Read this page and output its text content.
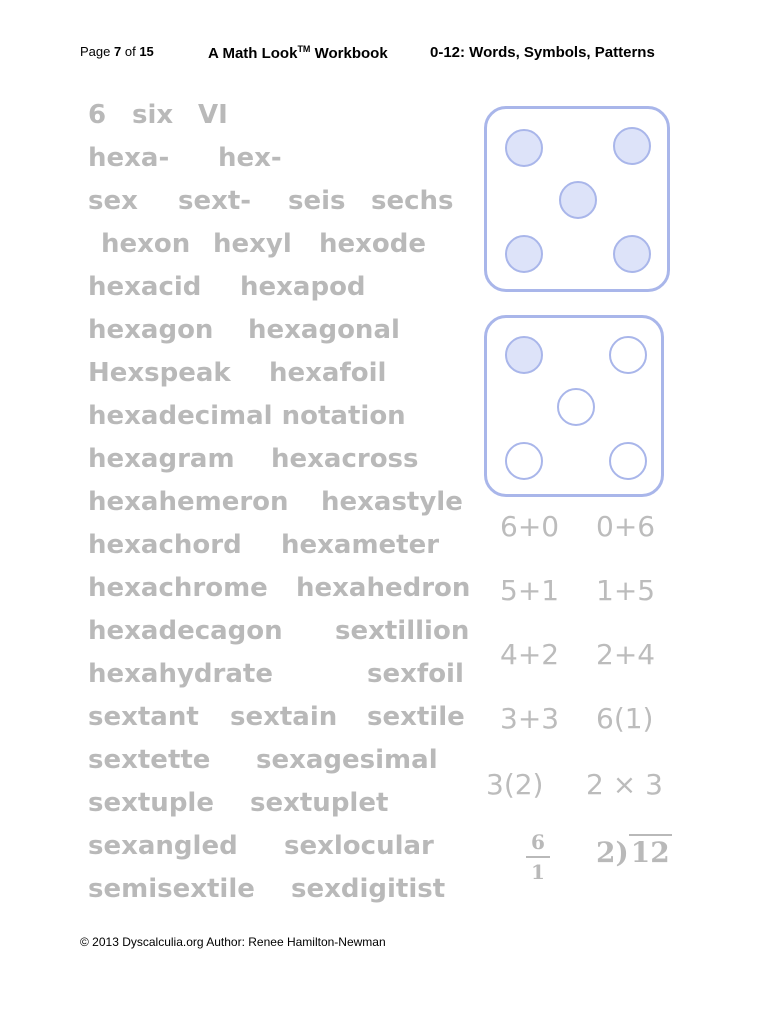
Page 7 of 15	A Math Look™ Workbook	0-12: Words, Symbols, Patterns
6 six VI
hexa- hex-
sex sext- seis sechs
hexon hexyl hexode
hexacid hexapod
hexagon hexagonal
Hexspeak hexafoil
hexadecimal notation
hexagram hexacross
hexahemeron hexastyle
hexachord hexameter
hexachrome hexahedron
hexadecagon sextillion
hexahydrate	sexfoil
sextant sextain sextile
sextette sexagesimal
sextuple sextuplet
sexangled sexlocular
semisextile sexdigitist
6+0 0+6
5+1 1+5
4+2 2+4
3+3 6(1)
3(2) 2 × 3
6
1
2)12
© 2013 Dyscalculia.org Author: Renee Hamilton-Newman
